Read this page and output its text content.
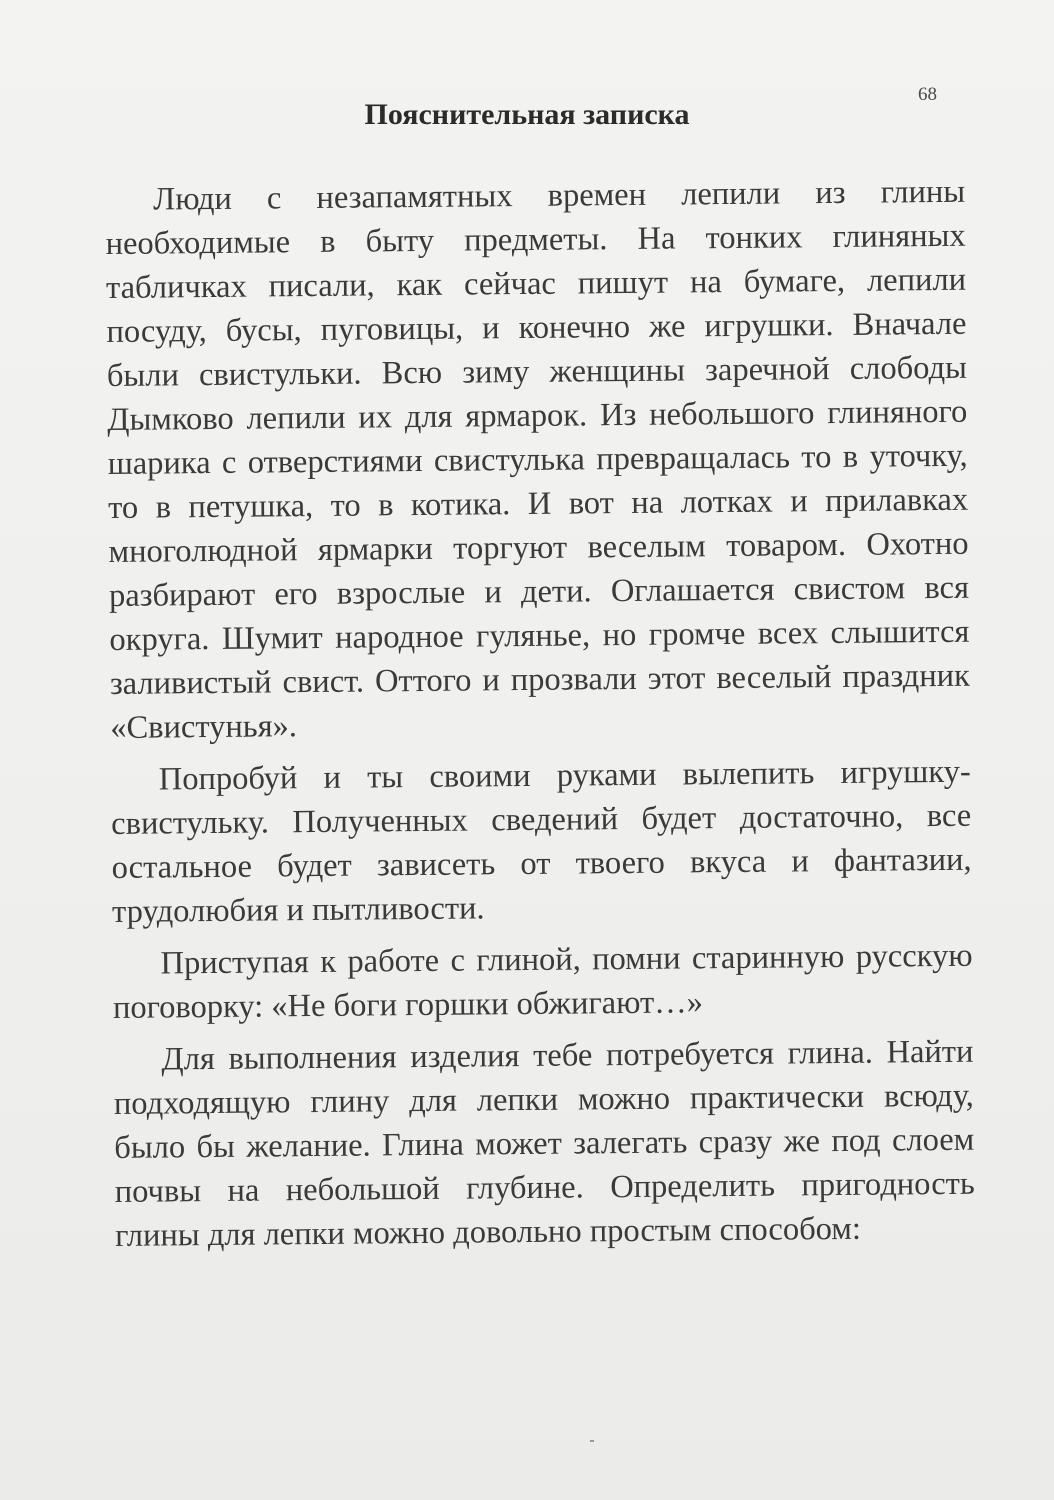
68
Пояснительная записка

Люди с незапамятных времен лепили из глины необходимые в быту предметы. На тонких глиняных табличках писали, как сейчас пишут на бумаге, лепили посуду, бусы, пуговицы, и конечно же игрушки. Вначале были свистульки. Всю зиму женщины заречной слободы Дымково лепили их для ярмарок. Из небольшого глиняного шарика с отверстиями свистулька превращалась то в уточку, то в петушка, то в котика. И вот на лотках и прилавках многолюдной ярмарки торгуют веселым товаром. Охотно разбирают его взрослые и дети. Оглашается свистом вся округа. Шумит народное гулянье, но громче всех слышится заливистый свист. Оттого и прозвали этот веселый праздник «Свистунья».

Попробуй и ты своими руками вылепить игрушку-свистульку. Полученных сведений будет достаточно, все остальное будет зависеть от твоего вкуса и фантазии, трудолюбия и пытливости.

Приступая к работе с глиной, помни старинную русскую поговорку: «Не боги горшки обжигают…»

Для выполнения изделия тебе потребуется глина. Найти подходящую глину для лепки можно практически всюду, было бы желание. Глина может залегать сразу же под слоем почвы на небольшой глубине. Определить пригодность глины для лепки можно довольно простым способом:
